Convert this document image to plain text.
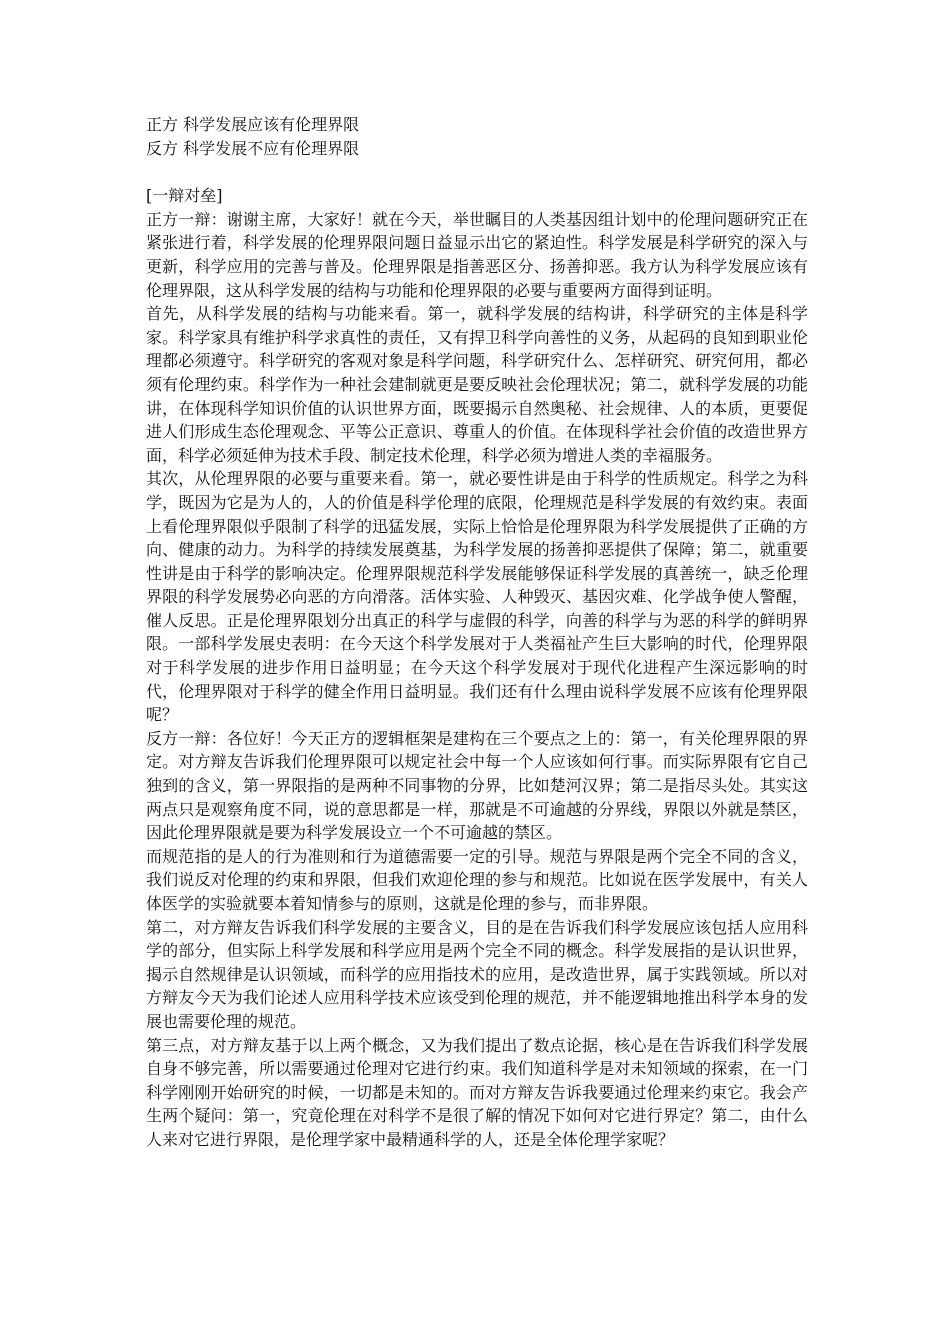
正方 科学发展应该有伦理界限

反方 科学发展不应有伦理界限

[一辩对垒]

正方一辩：谢谢主席，大家好！就在今天，举世瞩目的人类基因组计划中的伦理问题研究正在紧张进行着，科学发展的伦理界限问题日益显示出它的紧迫性。科学发展是科学研究的深入与更新，科学应用的完善与普及。伦理界限是指善恶区分、扬善抑恶。我方认为科学发展应该有伦理界限，这从科学发展的结构与功能和伦理界限的必要与重要两方面得到证明。

首先，从科学发展的结构与功能来看。第一，就科学发展的结构讲，科学研究的主体是科学家。科学家具有维护科学求真性的责任，又有捍卫科学向善性的义务，从起码的良知到职业伦理都必须遵守。科学研究的客观对象是科学问题，科学研究什么、怎样研究、研究何用，都必须有伦理约束。科学作为一种社会建制就更是要反映社会伦理状况；第二，就科学发展的功能讲，在体现科学知识价值的认识世界方面，既要揭示自然奥秘、社会规律、人的本质，更要促进人们形成生态伦理观念、平等公正意识、尊重人的价值。在体现科学社会价值的改造世界方面，科学必须延伸为技术手段、制定技术伦理，科学必须为增进人类的幸福服务。

其次，从伦理界限的必要与重要来看。第一，就必要性讲是由于科学的性质规定。科学之为科学，既因为它是为人的，人的价值是科学伦理的底限，伦理规范是科学发展的有效约束。表面上看伦理界限似乎限制了科学的迅猛发展，实际上恰恰是伦理界限为科学发展提供了正确的方向、健康的动力。为科学的持续发展奠基，为科学发展的扬善抑恶提供了保障；第二，就重要性讲是由于科学的影响决定。伦理界限规范科学发展能够保证科学发展的真善统一，缺乏伦理界限的科学发展势必向恶的方向滑落。活体实验、人种毁灭、基因灾难、化学战争使人警醒，催人反思。正是伦理界限划分出真正的科学与虚假的科学，向善的科学与为恶的科学的鲜明界限。一部科学发展史表明：在今天这个科学发展对于人类福祉产生巨大影响的时代，伦理界限对于科学发展的进步作用日益明显；在今天这个科学发展对于现代化进程产生深远影响的时代，伦理界限对于科学的健全作用日益明显。我们还有什么理由说科学发展不应该有伦理界限呢？

反方一辩：各位好！今天正方的逻辑框架是建构在三个要点之上的：第一，有关伦理界限的界定。对方辩友告诉我们伦理界限可以规定社会中每一个人应该如何行事。而实际界限有它自己独到的含义，第一界限指的是两种不同事物的分界，比如楚河汉界；第二是指尽头处。其实这两点只是观察角度不同，说的意思都是一样，那就是不可逾越的分界线，界限以外就是禁区，因此伦理界限就是要为科学发展设立一个不可逾越的禁区。

而规范指的是人的行为准则和行为道德需要一定的引导。规范与界限是两个完全不同的含义，我们说反对伦理的约束和界限，但我们欢迎伦理的参与和规范。比如说在医学发展中，有关人体医学的实验就要本着知情参与的原则，这就是伦理的参与，而非界限。

第二，对方辩友告诉我们科学发展的主要含义，目的是在告诉我们科学发展应该包括人应用科学的部分，但实际上科学发展和科学应用是两个完全不同的概念。科学发展指的是认识世界，揭示自然规律是认识领域，而科学的应用指技术的应用，是改造世界，属于实践领域。所以对方辩友今天为我们论述人应用科学技术应该受到伦理的规范，并不能逻辑地推出科学本身的发展也需要伦理的规范。

第三点，对方辩友基于以上两个概念，又为我们提出了数点论据，核心是在告诉我们科学发展自身不够完善，所以需要通过伦理对它进行约束。我们知道科学是对未知领域的探索，在一门科学刚刚开始研究的时候，一切都是未知的。而对方辩友告诉我要通过伦理来约束它。我会产生两个疑问：第一，究竟伦理在对科学不是很了解的情况下如何对它进行界定？第二，由什么人来对它进行界限，是伦理学家中最精通科学的人，还是全体伦理学家呢？
